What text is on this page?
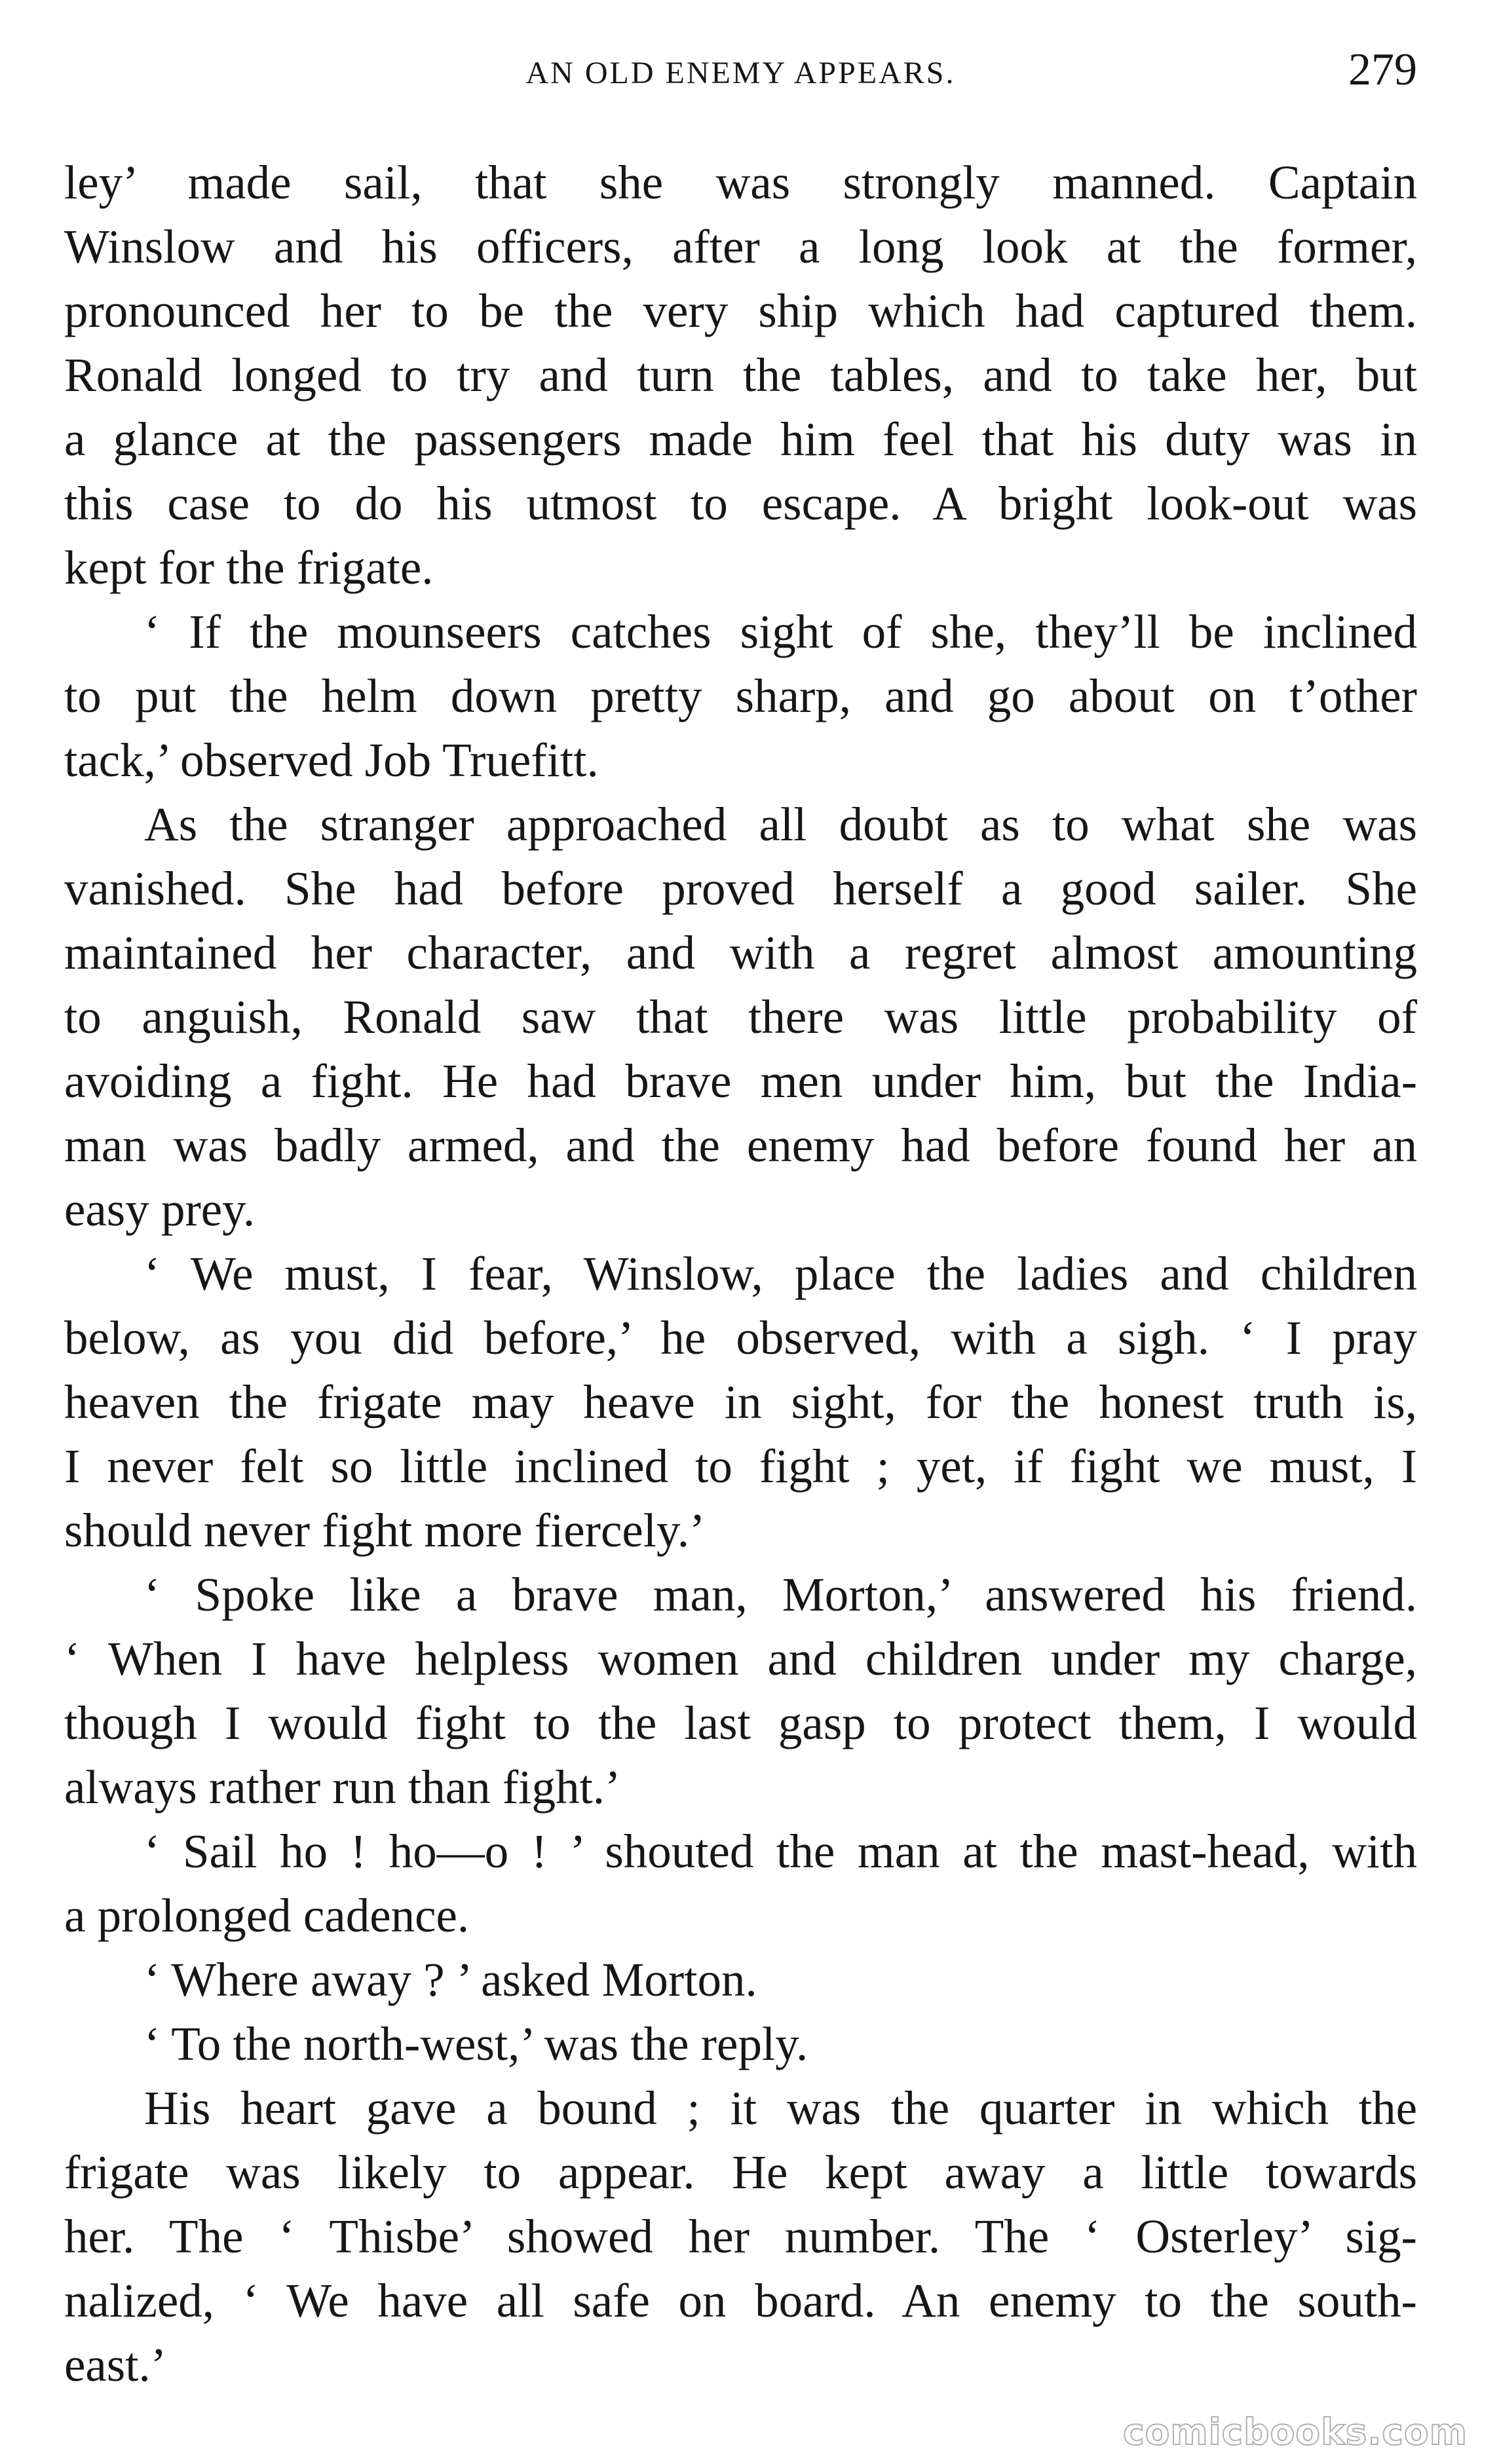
AN OLD ENEMY APPEARS.	279
ley’ made sail, that she was strongly manned. Captain
Winslow and his officers, after a long look at the former,
pronounced her to be the very ship which had captured them.
Ronald longed to try and turn the tables, and to take her, but
a glance at the passengers made him feel that his duty was in
this case to do his utmost to escape. A bright look-out was
kept for the frigate.
‘ If the mounseers catches sight of she, they’ll be inclined
to put the helm down pretty sharp, and go about on t’other
tack,’ observed Job Truefitt.
As the stranger approached all doubt as to what she was
vanished. She had before proved herself a good sailer. She
maintained her character, and with a regret almost amounting
to anguish, Ronald saw that there was little probability of
avoiding a fight. He had brave men under him, but the India-
man was badly armed, and the enemy had before found her an
easy prey.
‘ We must, I fear, Winslow, place the ladies and children
below, as you did before,’ he observed, with a sigh. ‘ I pray
heaven the frigate may heave in sight, for the honest truth is,
I never felt so little inclined to fight ; yet, if fight we must, I
should never fight more fiercely.’
‘ Spoke like a brave man, Morton,’ answered his friend.
‘ When I have helpless women and children under my charge,
though I would fight to the last gasp to protect them, I would
always rather run than fight.’
‘ Sail ho ! ho—o ! ’ shouted the man at the mast-head, with
a prolonged cadence.
‘ Where away ? ’ asked Morton.
‘ To the north-west,’ was the reply.
His heart gave a bound ; it was the quarter in which the
frigate was likely to appear. He kept away a little towards
her. The ‘ Thisbe’ showed her number. The ‘ Osterley’ sig-
nalized, ‘ We have all safe on board. An enemy to the south-
east.’
comicbooks.com
